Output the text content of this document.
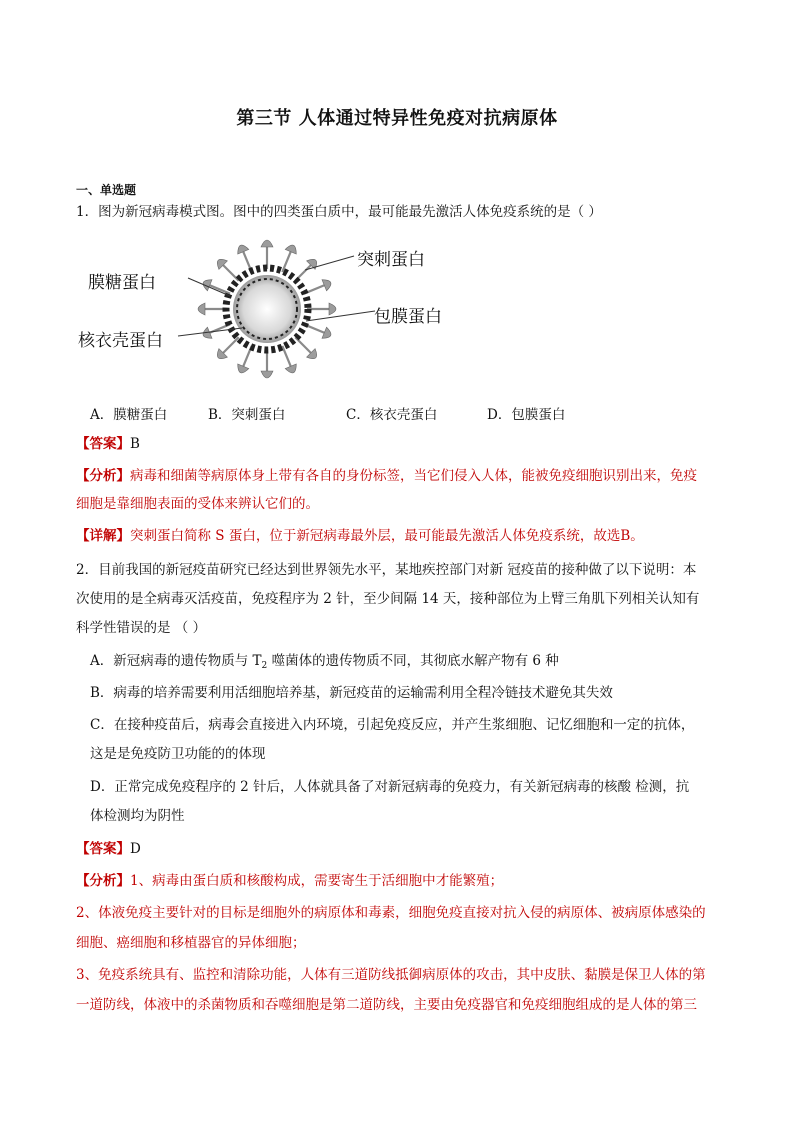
第三节 人体通过特异性免疫对抗病原体
一、单选题
1．图为新冠病毒模式图。图中的四类蛋白质中，最可能最先激活人体免疫系统的是（ ）
突刺蛋白
膜糖蛋白
包膜蛋白
核衣壳蛋白
A．膜糖蛋白	B．突刺蛋白	C．核衣壳蛋白	D．包膜蛋白
【答案】B
【分析】病毒和细菌等病原体身上带有各自的身份标签，当它们侵入人体，能被免疫细胞识别出来，免疫
细胞是靠细胞表面的受体来辨认它们的。
【详解】突刺蛋白简称 S 蛋白，位于新冠病毒最外层，最可能最先激活人体免疫系统，故选B。
2．目前我国的新冠疫苗研究已经达到世界领先水平，某地疾控部门对新 冠疫苗的接种做了以下说明：本
次使用的是全病毒灭活疫苗，免疫程序为 2 针，至少间隔 14 天，接种部位为上臂三角肌下列相关认知有
科学性错误的是 （ ）
A．新冠病毒的遗传物质与 $T_2$ 噬菌体的遗传物质不同，其彻底水解产物有 6 种
B．病毒的培养需要利用活细胞培养基，新冠疫苗的运输需利用全程冷链技术避免其失效
C．在接种疫苗后，病毒会直接进入内环境，引起免疫反应，并产生浆细胞、记忆细胞和一定的抗体，
这是是免疫防卫功能的的体现
D．正常完成免疫程序的 2 针后，人体就具备了对新冠病毒的免疫力，有关新冠病毒的核酸 检测，抗
体检测均为阴性
【答案】D
【分析】1、病毒由蛋白质和核酸构成，需要寄生于活细胞中才能繁殖；
2、体液免疫主要针对的目标是细胞外的病原体和毒素，细胞免疫直接对抗入侵的病原体、被病原体感染的
细胞、癌细胞和移植器官的异体细胞；
3、免疫系统具有、监控和清除功能，人体有三道防线抵御病原体的攻击，其中皮肤、黏膜是保卫人体的第
一道防线，体液中的杀菌物质和吞噬细胞是第二道防线，主要由免疫器官和免疫细胞组成的是人体的第三
